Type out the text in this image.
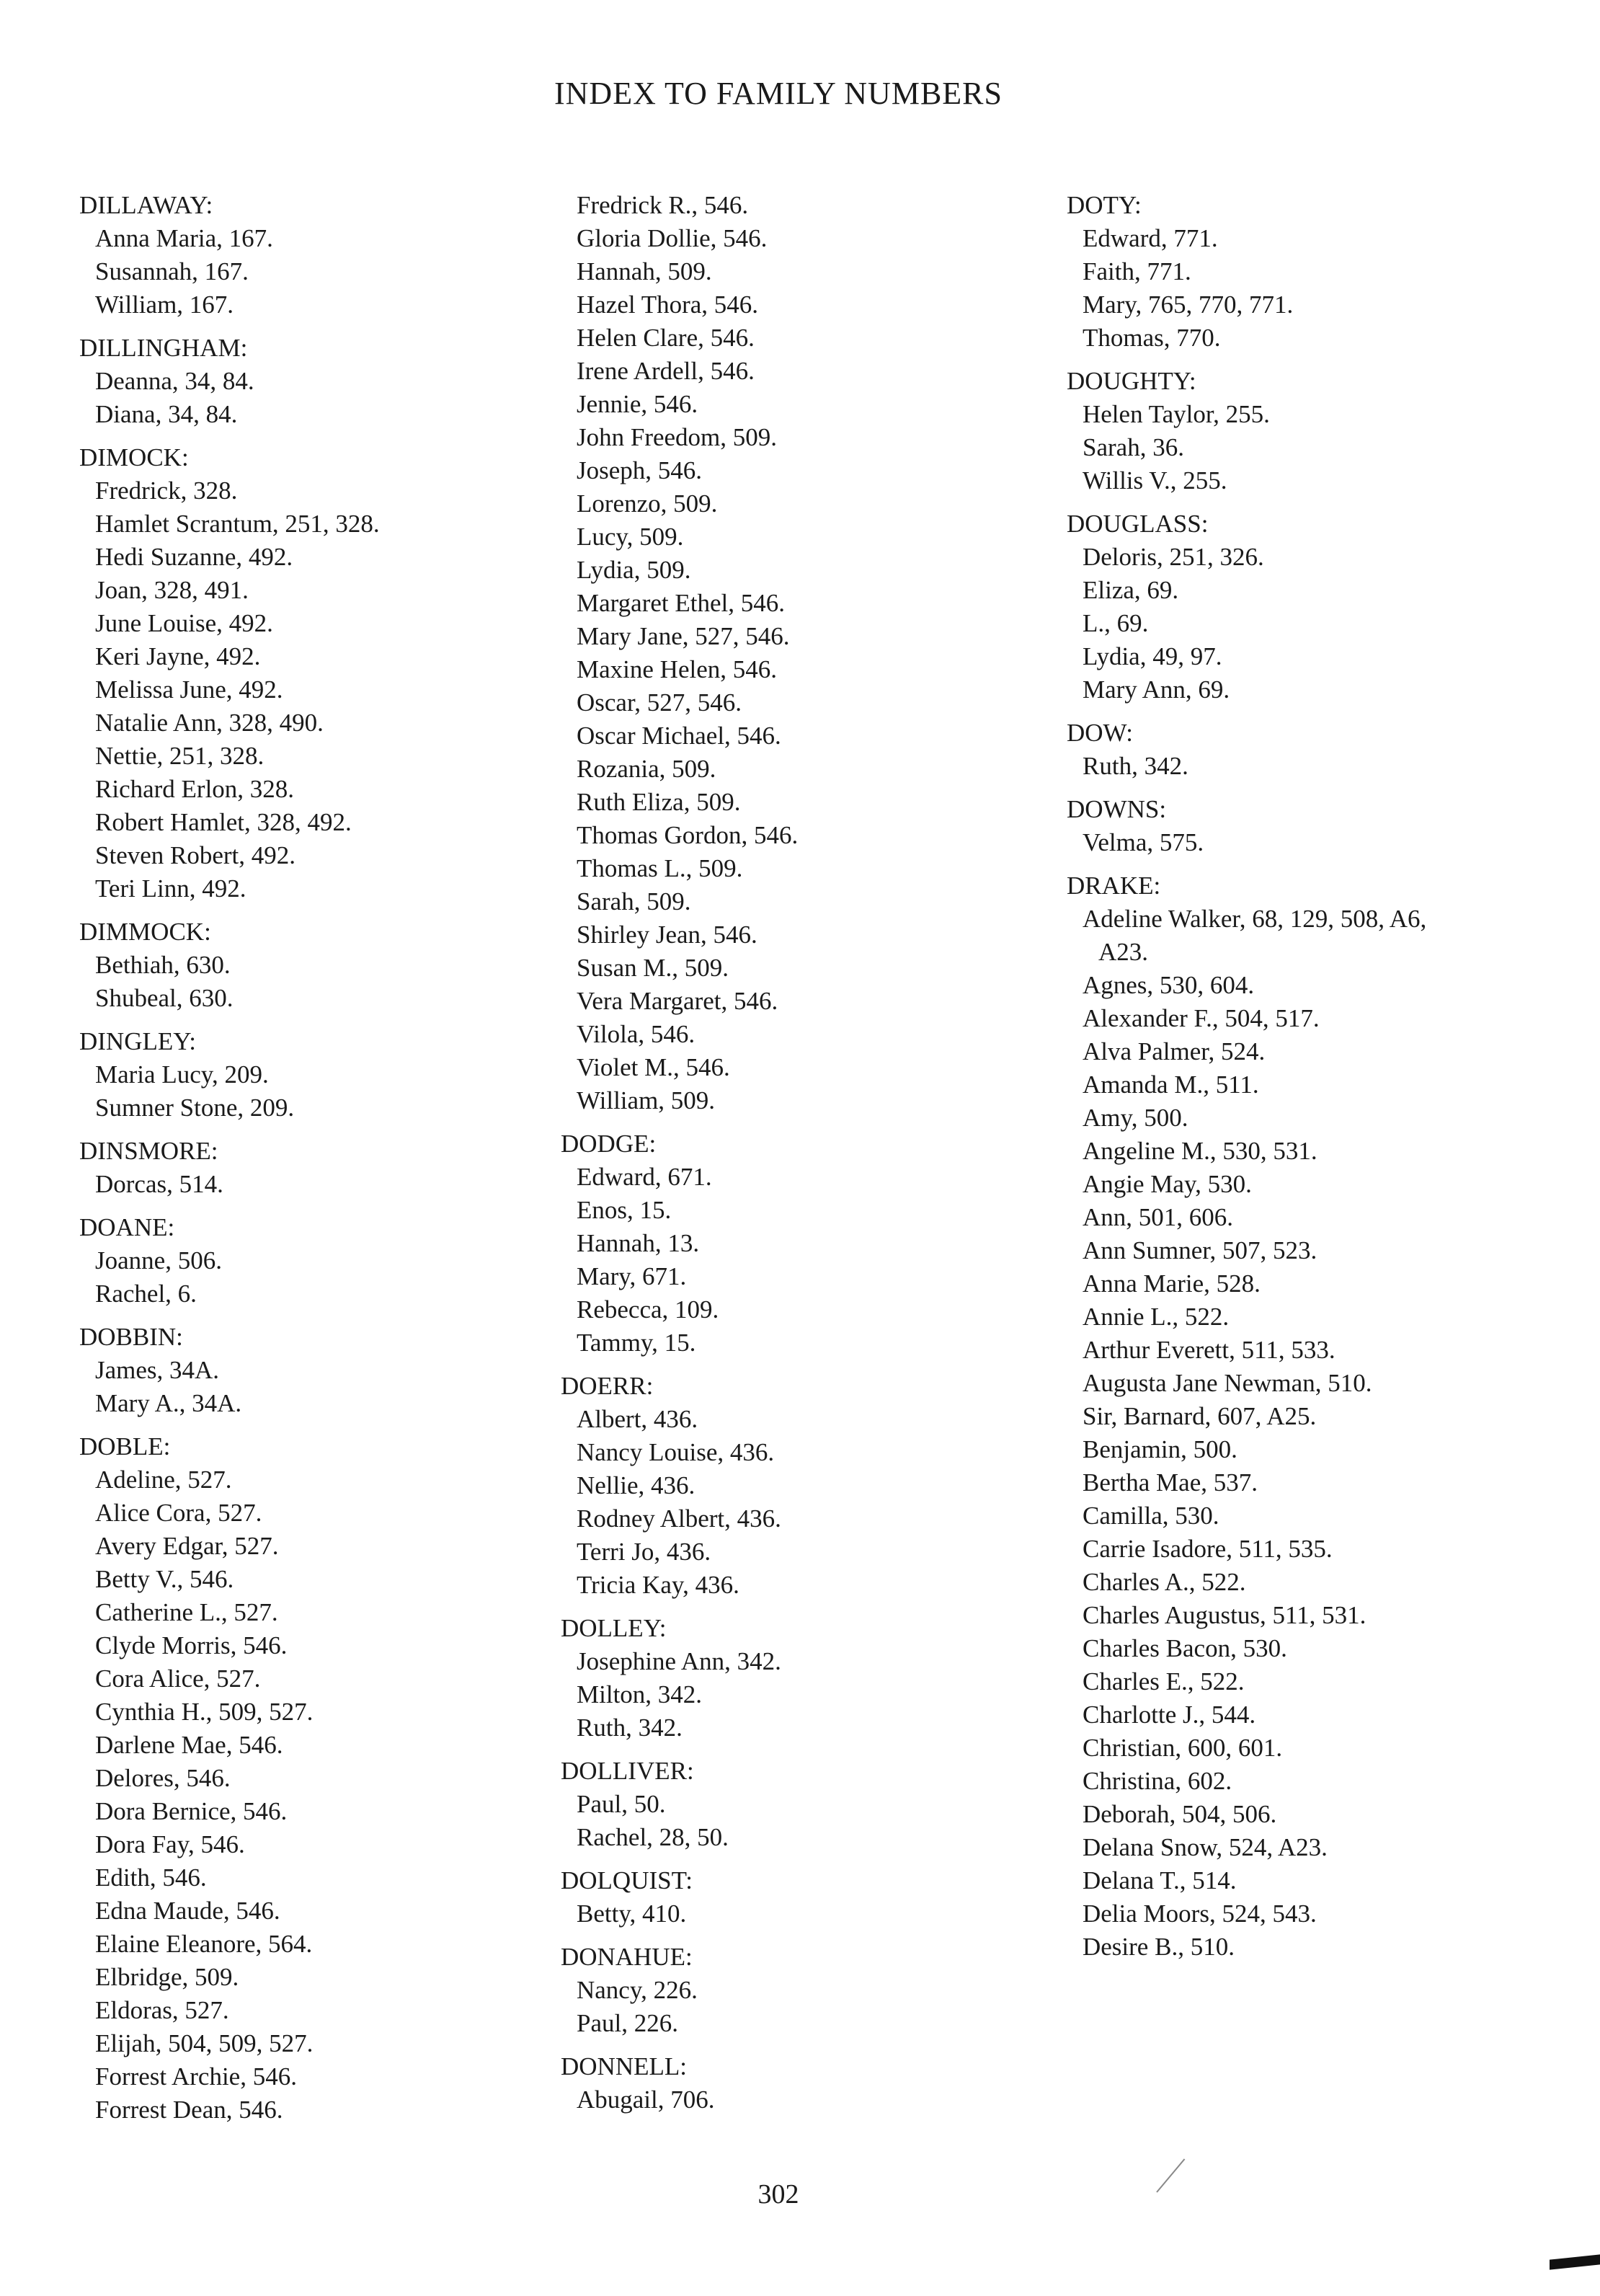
INDEX TO FAMILY NUMBERS
DILLAWAY:
Anna Maria, 167.
Susannah, 167.
William, 167.
DILLINGHAM:
Deanna, 34, 84.
Diana, 34, 84.
DIMOCK:
Fredrick, 328.
Hamlet Scrantum, 251, 328.
Hedi Suzanne, 492.
Joan, 328, 491.
June Louise, 492.
Keri Jayne, 492.
Melissa June, 492.
Natalie Ann, 328, 490.
Nettie, 251, 328.
Richard Erlon, 328.
Robert Hamlet, 328, 492.
Steven Robert, 492.
Teri Linn, 492.
DIMMOCK:
Bethiah, 630.
Shubeal, 630.
DINGLEY:
Maria Lucy, 209.
Sumner Stone, 209.
DINSMORE:
Dorcas, 514.
DOANE:
Joanne, 506.
Rachel, 6.
DOBBIN:
James, 34A.
Mary A., 34A.
DOBLE:
Adeline, 527.
Alice Cora, 527.
Avery Edgar, 527.
Betty V., 546.
Catherine L., 527.
Clyde Morris, 546.
Cora Alice, 527.
Cynthia H., 509, 527.
Darlene Mae, 546.
Delores, 546.
Dora Bernice, 546.
Dora Fay, 546.
Edith, 546.
Edna Maude, 546.
Elaine Eleanore, 564.
Elbridge, 509.
Eldoras, 527.
Elijah, 504, 509, 527.
Forrest Archie, 546.
Forrest Dean, 546.
Fredrick R., 546.
Gloria Dollie, 546.
Hannah, 509.
Hazel Thora, 546.
Helen Clare, 546.
Irene Ardell, 546.
Jennie, 546.
John Freedom, 509.
Joseph, 546.
Lorenzo, 509.
Lucy, 509.
Lydia, 509.
Margaret Ethel, 546.
Mary Jane, 527, 546.
Maxine Helen, 546.
Oscar, 527, 546.
Oscar Michael, 546.
Rozania, 509.
Ruth Eliza, 509.
Thomas Gordon, 546.
Thomas L., 509.
Sarah, 509.
Shirley Jean, 546.
Susan M., 509.
Vera Margaret, 546.
Vilola, 546.
Violet M., 546.
William, 509.
DODGE:
Edward, 671.
Enos, 15.
Hannah, 13.
Mary, 671.
Rebecca, 109.
Tammy, 15.
DOERR:
Albert, 436.
Nancy Louise, 436.
Nellie, 436.
Rodney Albert, 436.
Terri Jo, 436.
Tricia Kay, 436.
DOLLEY:
Josephine Ann, 342.
Milton, 342.
Ruth, 342.
DOLLIVER:
Paul, 50.
Rachel, 28, 50.
DOLQUIST:
Betty, 410.
DONAHUE:
Nancy, 226.
Paul, 226.
DONNELL:
Abugail, 706.
DOTY:
Edward, 771.
Faith, 771.
Mary, 765, 770, 771.
Thomas, 770.
DOUGHTY:
Helen Taylor, 255.
Sarah, 36.
Willis V., 255.
DOUGLASS:
Deloris, 251, 326.
Eliza, 69.
L., 69.
Lydia, 49, 97.
Mary Ann, 69.
DOW:
Ruth, 342.
DOWNS:
Velma, 575.
DRAKE:
Adeline Walker, 68, 129, 508, A6,
A23.
Agnes, 530, 604.
Alexander F., 504, 517.
Alva Palmer, 524.
Amanda M., 511.
Amy, 500.
Angeline M., 530, 531.
Angie May, 530.
Ann, 501, 606.
Ann Sumner, 507, 523.
Anna Marie, 528.
Annie L., 522.
Arthur Everett, 511, 533.
Augusta Jane Newman, 510.
Sir, Barnard, 607, A25.
Benjamin, 500.
Bertha Mae, 537.
Camilla, 530.
Carrie Isadore, 511, 535.
Charles A., 522.
Charles Augustus, 511, 531.
Charles Bacon, 530.
Charles E., 522.
Charlotte J., 544.
Christian, 600, 601.
Christina, 602.
Deborah, 504, 506.
Delana Snow, 524, A23.
Delana T., 514.
Delia Moors, 524, 543.
Desire B., 510.
302
